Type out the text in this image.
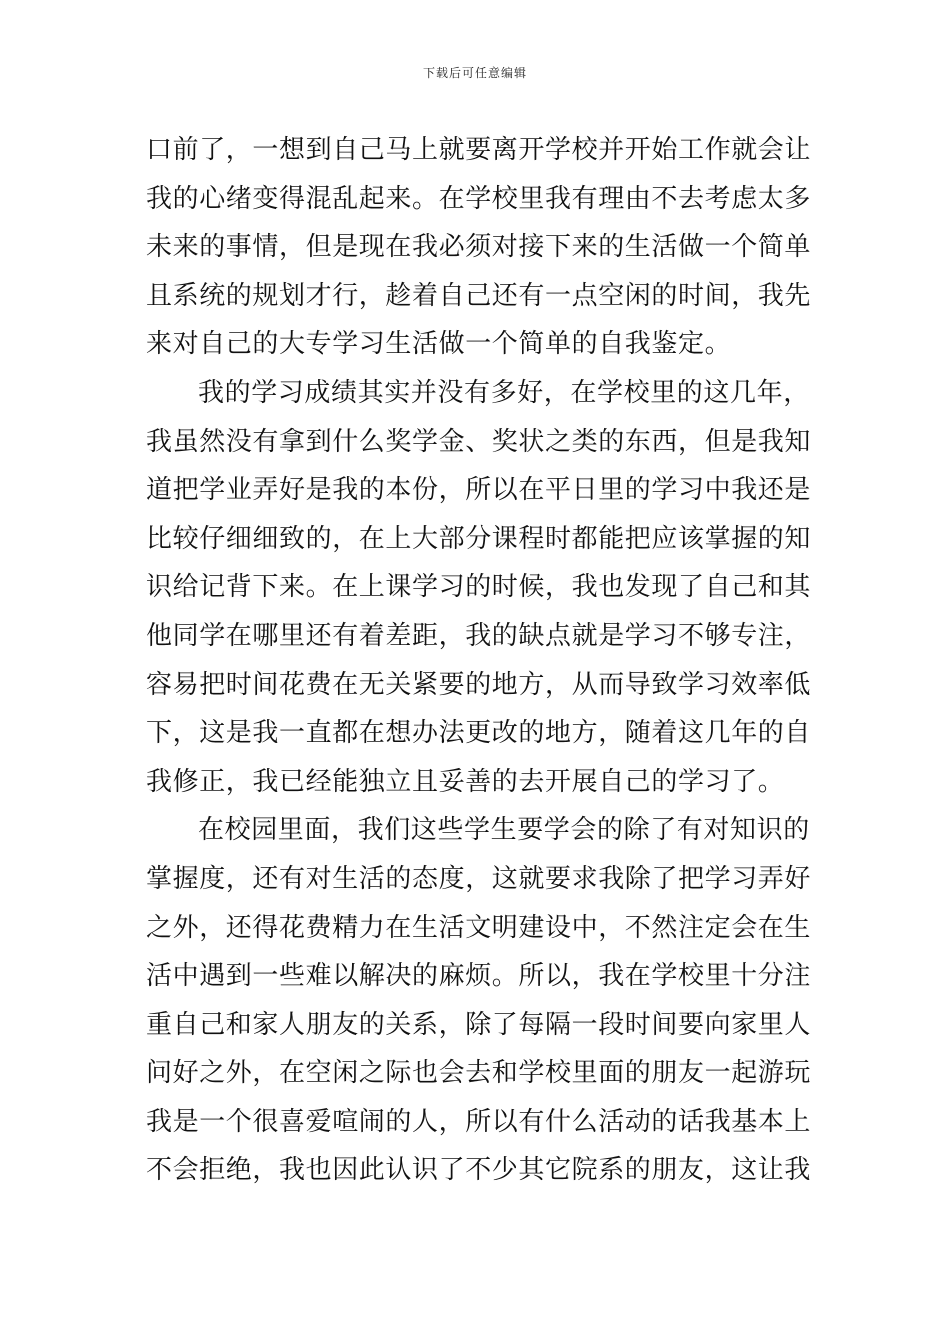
下载后可任意编辑
口前了，一想到自己马上就要离开学校并开始工作就会让
我的心绪变得混乱起来。在学校里我有理由不去考虑太多
未来的事情，但是现在我必须对接下来的生活做一个简单
且系统的规划才行，趁着自己还有一点空闲的时间，我先
来对自己的大专学习生活做一个简单的自我鉴定。
我的学习成绩其实并没有多好，在学校里的这几年，
我虽然没有拿到什么奖学金、奖状之类的东西，但是我知
道把学业弄好是我的本份，所以在平日里的学习中我还是
比较仔细细致的，在上大部分课程时都能把应该掌握的知
识给记背下来。在上课学习的时候，我也发现了自己和其
他同学在哪里还有着差距，我的缺点就是学习不够专注，
容易把时间花费在无关紧要的地方，从而导致学习效率低
下，这是我一直都在想办法更改的地方，随着这几年的自
我修正，我已经能独立且妥善的去开展自己的学习了。
在校园里面，我们这些学生要学会的除了有对知识的
掌握度，还有对生活的态度，这就要求我除了把学习弄好
之外，还得花费精力在生活文明建设中，不然注定会在生
活中遇到一些难以解决的麻烦。所以，我在学校里十分注
重自己和家人朋友的关系，除了每隔一段时间要向家里人
问好之外，在空闲之际也会去和学校里面的朋友一起游玩
我是一个很喜爱喧闹的人，所以有什么活动的话我基本上
不会拒绝，我也因此认识了不少其它院系的朋友，这让我
